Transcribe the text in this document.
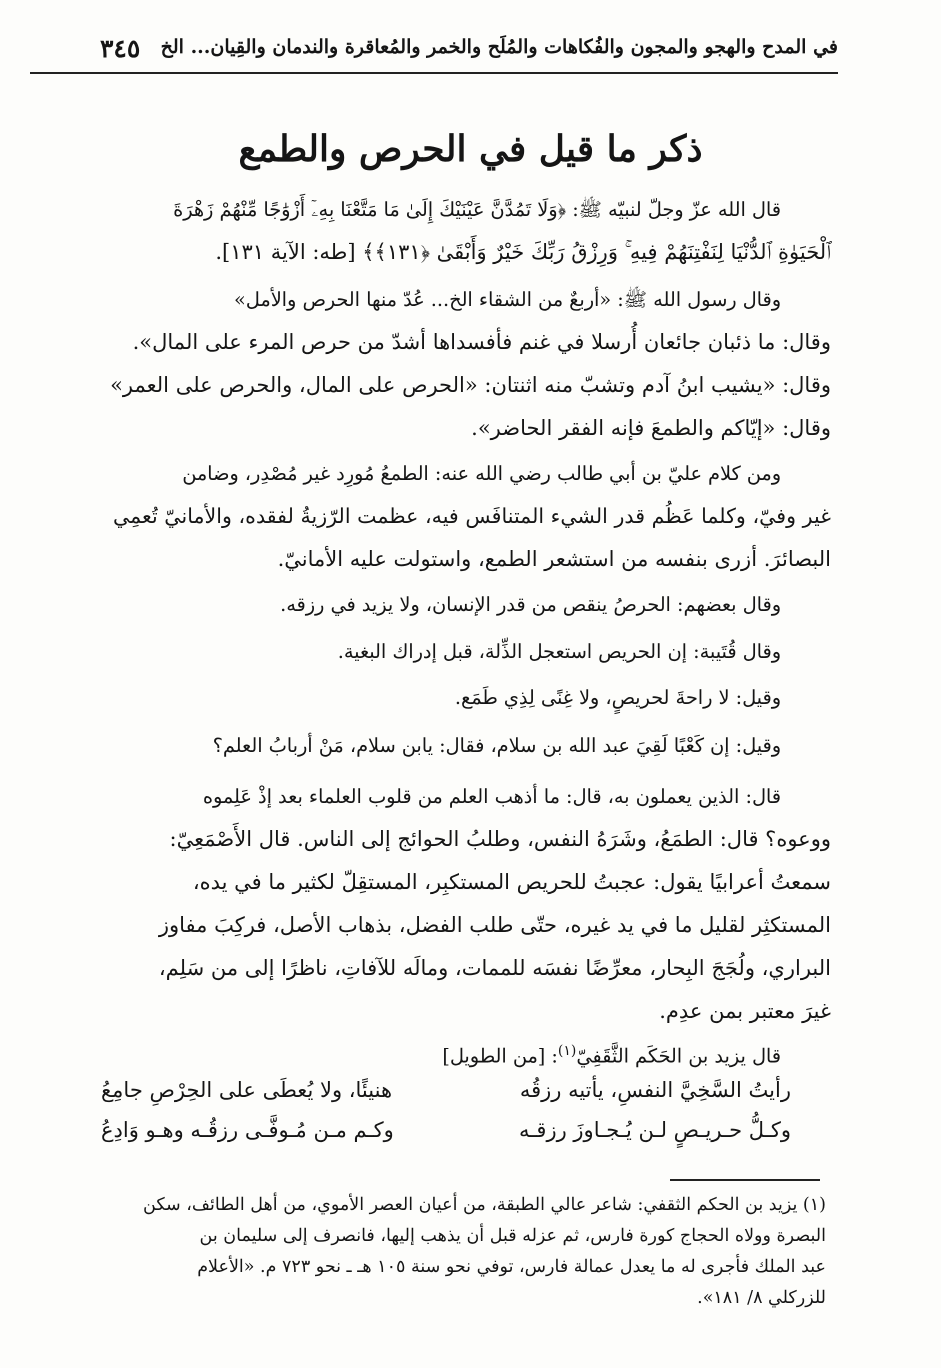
٣٤٥ في المدح والهجو والمجون والفُكاهات والمُلَح والخمر والمُعاقرة والندمان والقِيان... الخ
ذكر ما قيل في الحرص والطمع
قال الله عزّ وجلّ لنبيّه ﷺ: ﴿وَلَا تَمُدَّنَّ عَيْنَيْكَ إِلَىٰ مَا مَتَّعْنَا بِهِۦٓ أَزْوَٰجًا مِّنْهُمْ زَهْرَةَ
ٱلْحَيَوٰةِ ٱلدُّنْيَا لِنَفْتِنَهُمْ فِيهِ ۚ وَرِزْقُ رَبِّكَ خَيْرٌ وَأَبْقَىٰ ﴿١٣١﴾﴾ [طه: الآية ١٣١].
وقال رسول الله ﷺ: «أربعٌ من الشقاء الخ... عُدّ منها الحرص والأمل»
وقال: ما ذئبان جائعان أُرسلا في غنم فأفسداها أشدّ من حرص المرء على المال».
وقال: «يشيب ابنُ آدم وتشبّ منه اثنتان: «الحرص على المال، والحرص على العمر»
وقال: «إيّاكم والطمعَ فإنه الفقر الحاضر».
ومن كلام عليّ بن أبي طالب رضي الله عنه: الطمعُ مُورِد غير مُصْدِر، وضامن
غير وفيّ، وكلما عَظُم قدر الشيء المتنافَس فيه، عظمت الرّزيةُ لفقده، والأمانيّ تُعمِي
البصائرَ. أزرى بنفسه من استشعر الطمع، واستولت عليه الأمانيّ.
وقال بعضهم: الحرصُ ينقص من قدر الإنسان، ولا يزيد في رزقه.
وقال قُتَيبة: إن الحريص استعجل الذِّلة، قبل إدراك البغية.
وقيل: لا راحةَ لحريصٍ، ولا غِنًى لِذِي طَمَع.
وقيل: إن كَعْبًا لَقِيَ عبد الله بن سلام، فقال: يابن سلام، مَنْ أربابُ العلم؟
قال: الذين يعملون به، قال: ما أذهب العلم من قلوب العلماء بعد إذْ عَلِموه
ووعوه؟ قال: الطمَعُ، وشَرَهُ النفس، وطلبُ الحوائج إلى الناس. قال الأَصْمَعِيّ:
سمعتُ أعرابيًا يقول: عجبتُ للحريص المستكبِر، المستقِلّ لكثير ما في يده،
المستكثِر لقليل ما في يد غيره، حتّى طلب الفضل، بذهاب الأصل، فركِبَ مفاوز
البراري، ولُجَجَ البِحار، معرِّضًا نفسَه للممات، ومالَه للآفاتِ، ناظرًا إلى من سَلِم،
غيرَ معتبر بمن عدِم.
قال يزيد بن الحَكَم الثَّقَفِيّ$^{(١)}$: [من الطويل]
رأيتُ السَّخِيَّ النفسِ، يأتيه رزقُه
هنيئًا، ولا يُعطَى على الحِرْصِ جامِعُ
وكـلُّ حـريـصٍ لـن يُـجـاوزَ رزقـه
وكـم مـن مُـوفَّـى رزقُـه وهـو وَادِعُ
(١) يزيد بن الحكم الثقفي: شاعر عالي الطبقة، من أعيان العصر الأموي، من أهل الطائف، سكن
البصرة وولاه الحجاج كورة فارس، ثم عزله قبل أن يذهب إليها، فانصرف إلى سليمان بن
عبد الملك فأجرى له ما يعدل عمالة فارس، توفي نحو سنة ١٠٥ هـ ـ نحو ٧٢٣ م. «الأعلام
للزركلي ٨/ ١٨١».
